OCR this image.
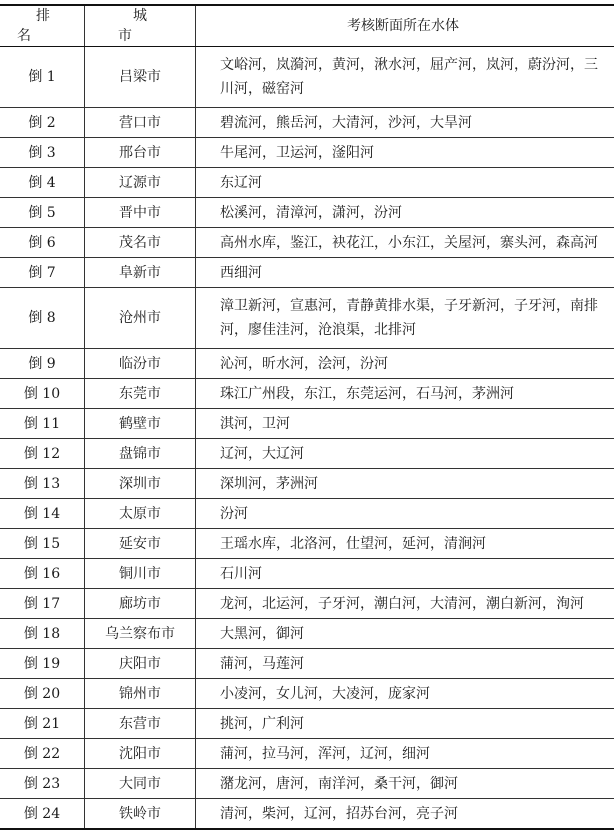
排名	城市	考核断面所在水体
倒 1	吕梁市	文峪河，岚漪河，黄河，湫水河，屈产河，岚河，蔚汾河，三川河，磁窑河
倒 2	营口市	碧流河，熊岳河，大清河，沙河，大旱河
倒 3	邢台市	牛尾河，卫运河，滏阳河
倒 4	辽源市	东辽河
倒 5	晋中市	松溪河，清漳河，潇河，汾河
倒 6	茂名市	高州水库，鉴江，袂花江，小东江，关屋河，寨头河，森高河
倒 7	阜新市	西细河
倒 8	沧州市	漳卫新河，宣惠河，青静黄排水渠，子牙新河，子牙河，南排河，廖佳洼河，沧浪渠，北排河
倒 9	临汾市	沁河，昕水河，浍河，汾河
倒 10	东莞市	珠江广州段，东江，东莞运河，石马河，茅洲河
倒 11	鹤壁市	淇河，卫河
倒 12	盘锦市	辽河，大辽河
倒 13	深圳市	深圳河，茅洲河
倒 14	太原市	汾河
倒 15	延安市	王瑶水库，北洛河，仕望河，延河，清涧河
倒 16	铜川市	石川河
倒 17	廊坊市	龙河，北运河，子牙河，潮白河，大清河，潮白新河，洵河
倒 18	乌兰察布市	大黑河，御河
倒 19	庆阳市	蒲河，马莲河
倒 20	锦州市	小凌河，女儿河，大凌河，庞家河
倒 21	东营市	挑河，广利河
倒 22	沈阳市	蒲河，拉马河，浑河，辽河，细河
倒 23	大同市	潴龙河，唐河，南洋河，桑干河，御河
倒 24	铁岭市	清河，柴河，辽河，招苏台河，亮子河
